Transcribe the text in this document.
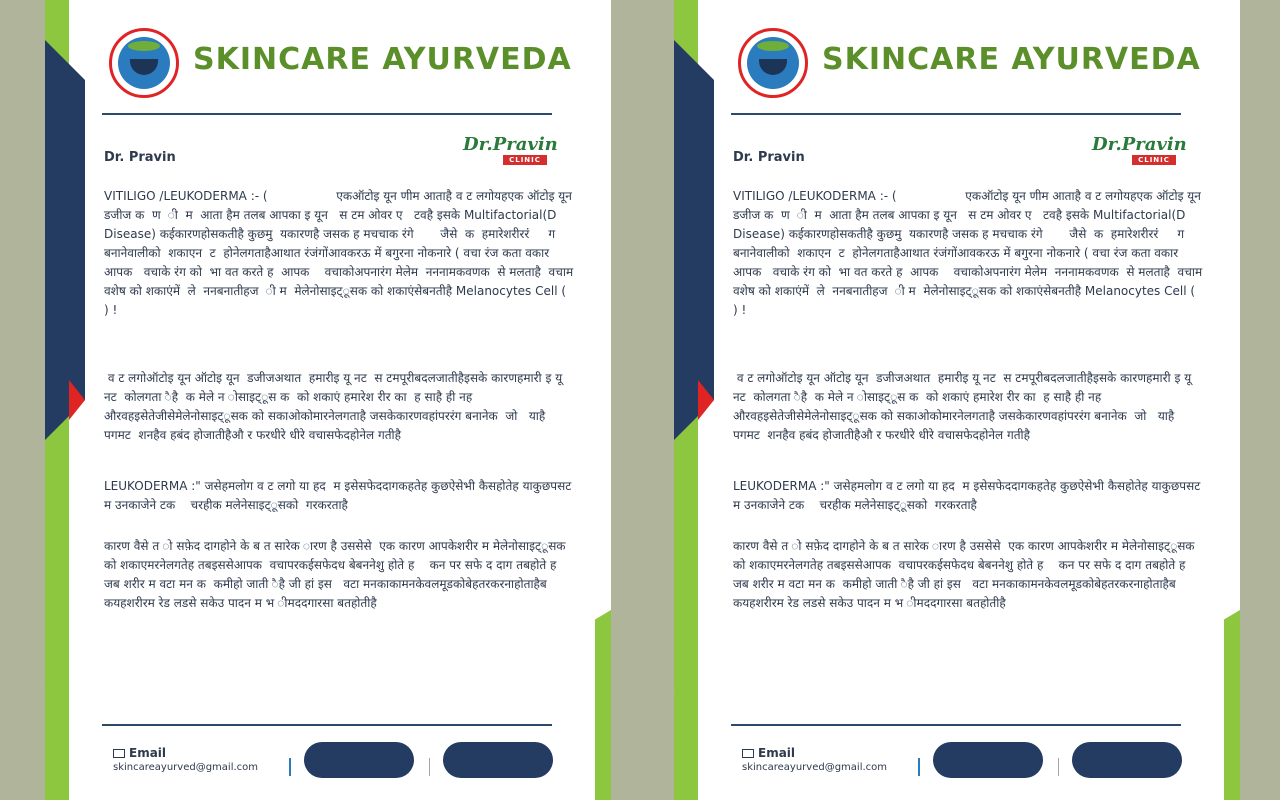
SKINCARE AYURVEDA
Dr. Pravin
Dr.Pravin
CLINIC

VITILIGO /LEUKODERMA :- (                  एकऑटोइ यून णीम आताहै व ट लगोयहएक ऑटोइ यून  डजीज क  ण  ी  म  आता हैम तलब आपका इ यून   स टम ओवर ए   टवहै इसके Multifactorial(D Disease) कईकारणहोसकतीहै कुछमु  यकारणहै जसक ह मचचाक रंगे       जैसे  क  हमारेशरीररंं     ग  बनानेवालीको  शकाएन  ट  होनेलगताहैआथात रंजंगोंआवकरऊ में बगुरना नोकनारे ( वचा रंज कता वकार आपक   वचाके रंग को  भा वत करते ह  आपक    वचाकोअपनारंग मेलेम  नननामकवणक  से मलताहै  वचाम   वशेष को शकाएंमें  ले  ननबनातीहज  ी म  मेलेनोसाइट्ूसक को शकाएंसेबनतीहै Melanocytes Cell ( ) !

व ट लगोऑटोइ यून ऑटोइ यून  डजीजअथात  हमारीइ यू नट  स टमपूरीबदलजातीहैइसके कारणहमारी इ यू  नट  कोलगता ैहै  क मेले न ोसाइट्ूस क  को शकाएं हमारेश रीर का  ह साहै ही नह औरवहइसेतेजीसेमेलेनोसाइट्ूसक को सकाओकोमारनेलगताहै जसकेकारणवहांपररंग बनानेक  जो   याहै  पगमट  शनहैव हबंद होजातीहैऔ र फरधीरे धीरे वचासफेदहोनेल गतीहै

LEUKODERMA :" जसेहमलोग व ट लगो या हद  म इसेसफेददागकहतेह कुछऐसेभी कैसहोतेह याकुछपसट म उनकाजेने टक    चरहीक मलेनेसाइट्ूसको  गरकरताहै

कारण वैसे त ो सफ़ेद दागहोने के ब त सारेक ारण है उससेसे  एक कारण आपकेशरीर म मेलेनोसाइट्ूसक को शकाएमरनेलगतेह तबइससेआपक  वचापरकईसफेदध बेबननेशु होते ह    कन पर सफे द दाग तबहोते ह  जब शरीर म वटा मन क  कमीहो जाती ैहै जी हां इस   वटा मनकाकामनकेवलमूडकोबेहतरकरनाहोताहैब  कयहशरीरम रेड लडसे सकेउ पादन म भ ीमददगारसा बतहोतीहै

Email
skincareayurved@gmail.com
SKINCARE AYURVEDA
Dr. Pravin
Dr.Pravin
CLINIC

VITILIGO /LEUKODERMA :- (                  एकऑटोइ यून णीम आताहै व ट लगोयहएक ऑटोइ यून  डजीज क  ण  ी  म  आता हैम तलब आपका इ यून   स टम ओवर ए   टवहै इसके Multifactorial(D Disease) कईकारणहोसकतीहै कुछमु  यकारणहै जसक ह मचचाक रंगे       जैसे  क  हमारेशरीररंं     ग  बनानेवालीको  शकाएन  ट  होनेलगताहैआथात रंजंगोंआवकरऊ में बगुरना नोकनारे ( वचा रंज कता वकार आपक   वचाके रंग को  भा वत करते ह  आपक    वचाकोअपनारंग मेलेम  नननामकवणक  से मलताहै  वचाम   वशेष को शकाएंमें  ले  ननबनातीहज  ी म  मेलेनोसाइट्ूसक को शकाएंसेबनतीहै Melanocytes Cell ( ) !

व ट लगोऑटोइ यून ऑटोइ यून  डजीजअथात  हमारीइ यू नट  स टमपूरीबदलजातीहैइसके कारणहमारी इ यू  नट  कोलगता ैहै  क मेले न ोसाइट्ूस क  को शकाएं हमारेश रीर का  ह साहै ही नह औरवहइसेतेजीसेमेलेनोसाइट्ूसक को सकाओकोमारनेलगताहै जसकेकारणवहांपररंग बनानेक  जो   याहै  पगमट  शनहैव हबंद होजातीहैऔ र फरधीरे धीरे वचासफेदहोनेल गतीहै

LEUKODERMA :" जसेहमलोग व ट लगो या हद  म इसेसफेददागकहतेह कुछऐसेभी कैसहोतेह याकुछपसट म उनकाजेने टक    चरहीक मलेनेसाइट्ूसको  गरकरताहै

कारण वैसे त ो सफ़ेद दागहोने के ब त सारेक ारण है उससेसे  एक कारण आपकेशरीर म मेलेनोसाइट्ूसक को शकाएमरनेलगतेह तबइससेआपक  वचापरकईसफेदध बेबननेशु होते ह    कन पर सफे द दाग तबहोते ह  जब शरीर म वटा मन क  कमीहो जाती ैहै जी हां इस   वटा मनकाकामनकेवलमूडकोबेहतरकरनाहोताहैब  कयहशरीरम रेड लडसे सकेउ पादन म भ ीमददगारसा बतहोतीहै

Email
skincareayurved@gmail.com
